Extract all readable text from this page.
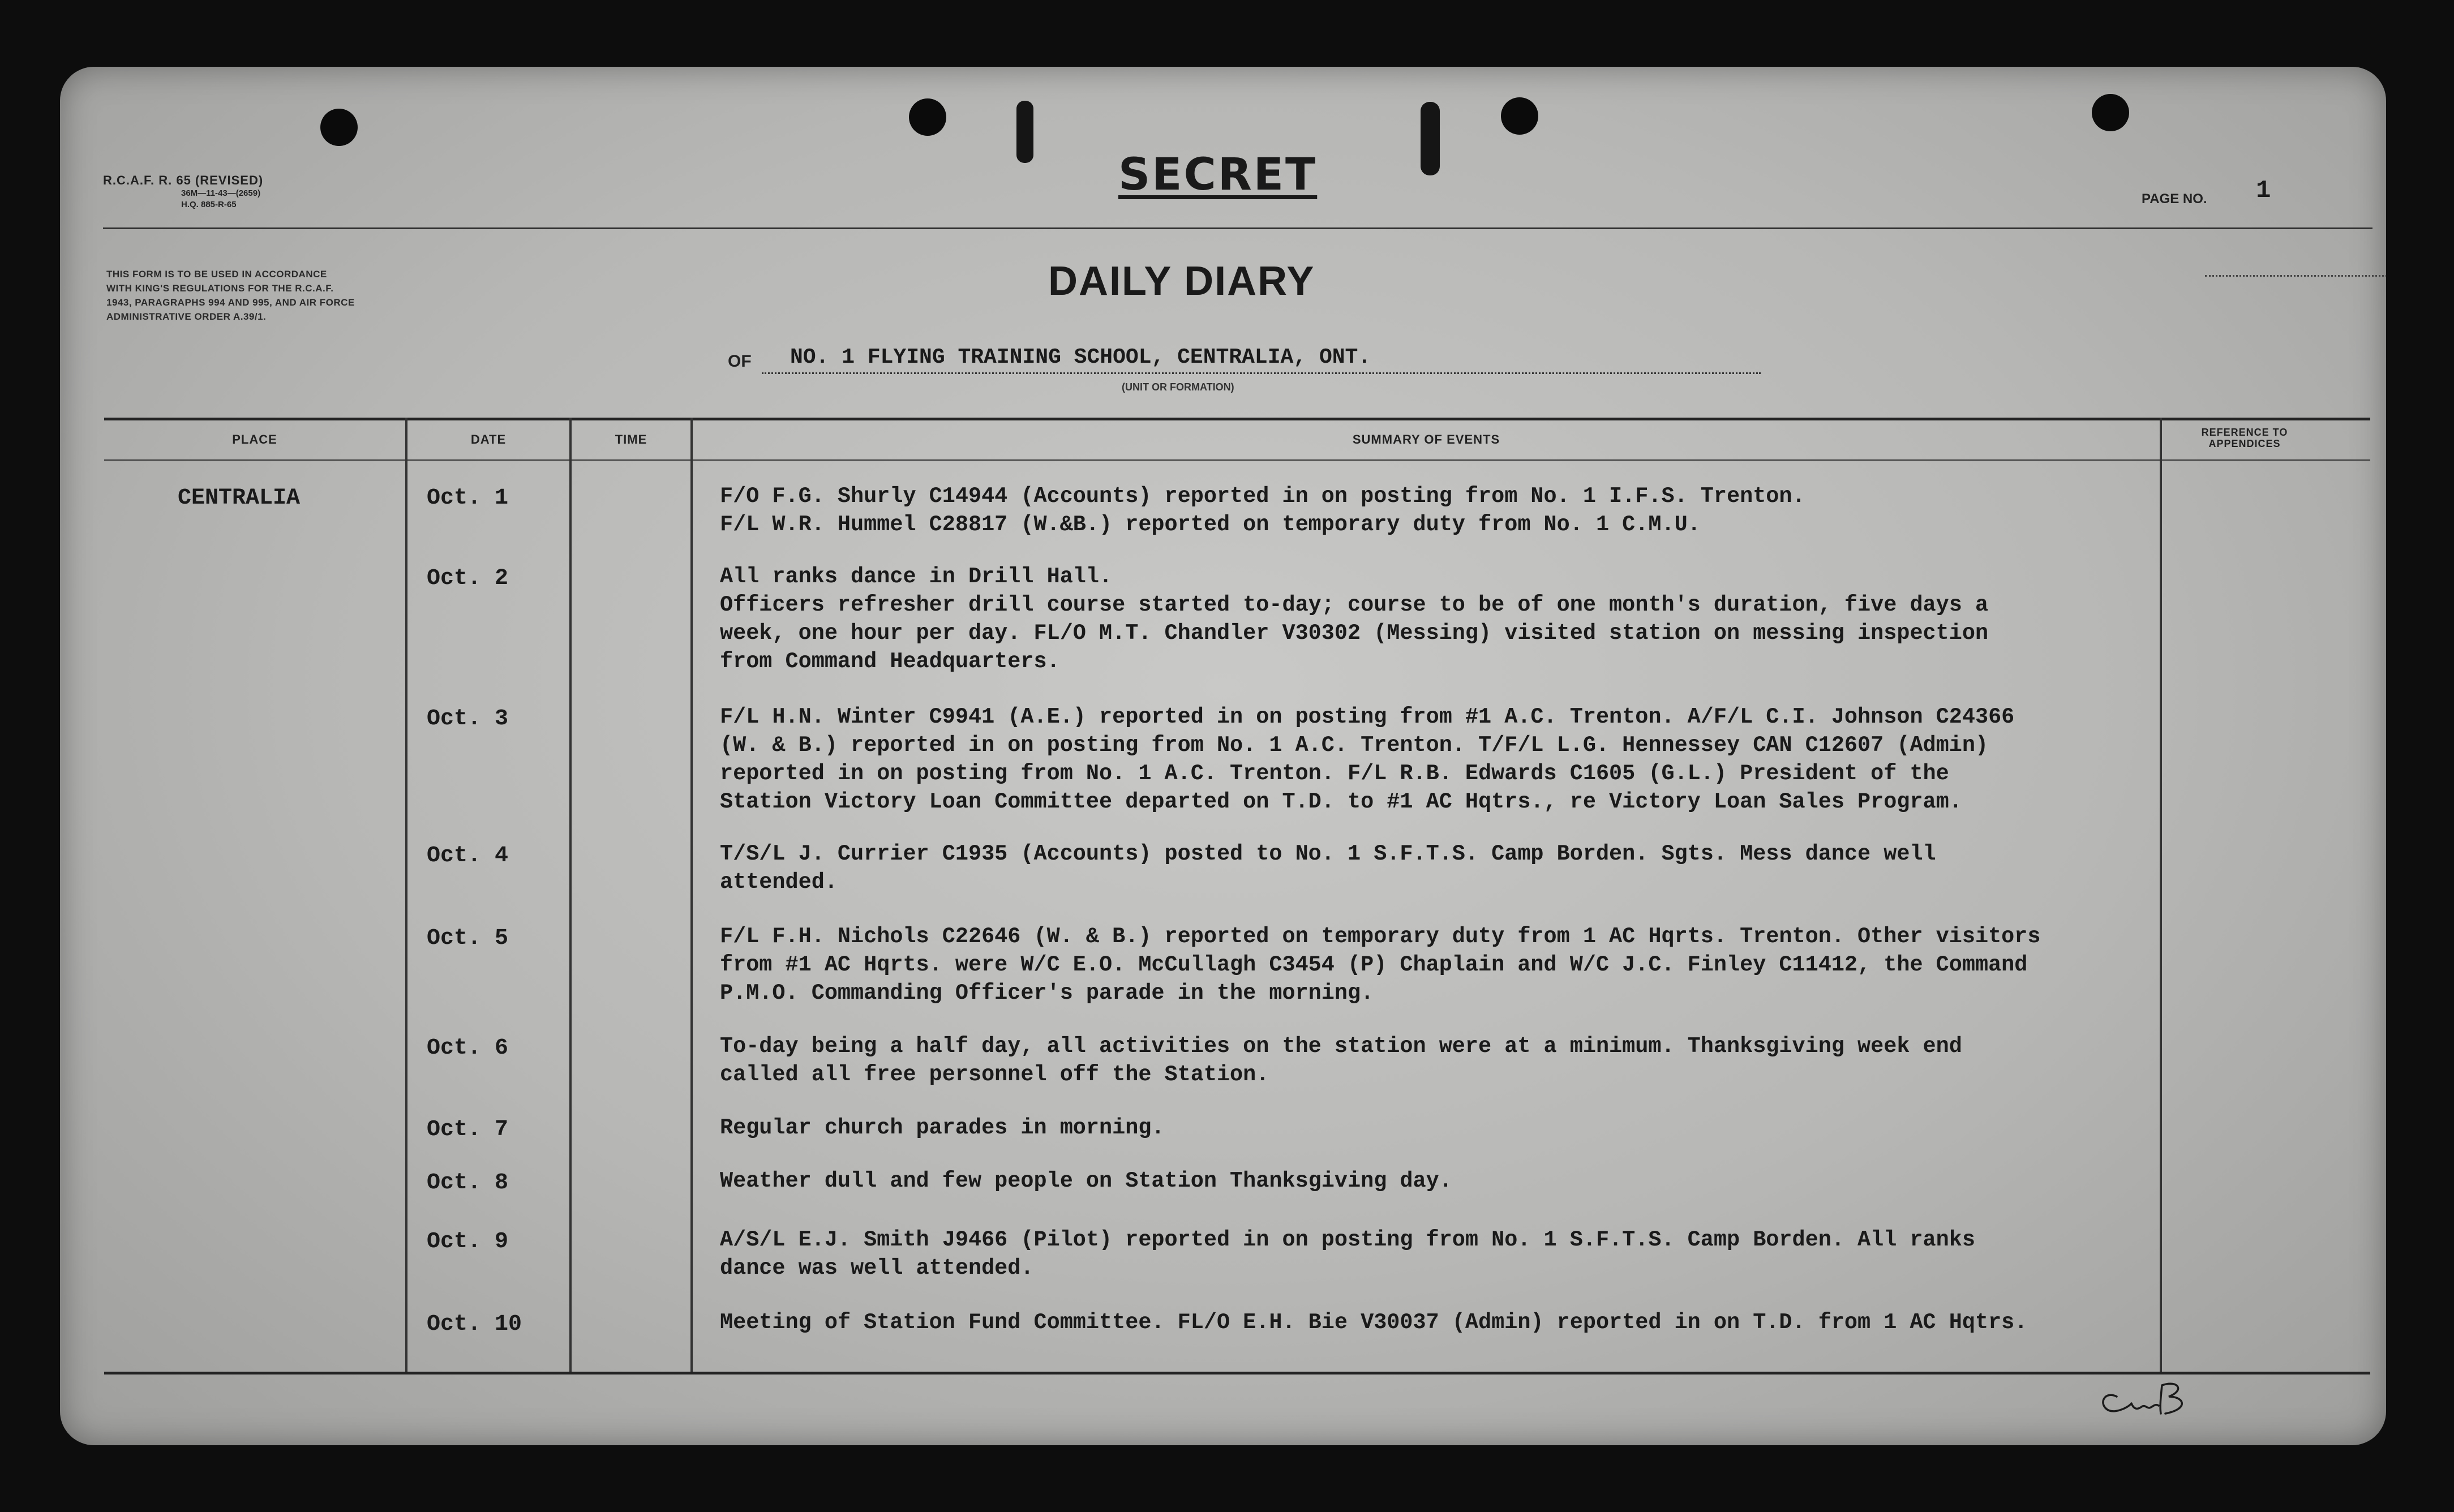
R.C.A.F. R. 65 (REVISED)
36M—11-43—(2659)
H.Q. 885-R-65
SECRET	PAGE NO. 1
THIS FORM IS TO BE USED IN ACCORDANCE
WITH KING'S REGULATIONS FOR THE R.C.A.F.
1943, PARAGRAPHS 994 AND 995, AND AIR FORCE
ADMINISTRATIVE ORDER A.39/1.
DAILY DIARY
OF NO. 1 FLYING TRAINING SCHOOL, CENTRALIA, ONT.
(UNIT OR FORMATION)
PLACE	DATE	TIME	SUMMARY OF EVENTS	REFERENCE TO
APPENDICES
CENTRALIA	Oct. 1	F/O F.G. Shurly C14944 (Accounts) reported in on posting from No. 1 I.F.S. Trenton.
F/L W.R. Hummel C28817 (W.&B.) reported on temporary duty from No. 1 C.M.U.
Oct. 2	All ranks dance in Drill Hall.
Officers refresher drill course started to-day; course to be of one month's duration, five days a
week, one hour per day. FL/O M.T. Chandler V30302 (Messing) visited station on messing inspection
from Command Headquarters.
Oct. 3	F/L H.N. Winter C9941 (A.E.) reported in on posting from #1 A.C. Trenton. A/F/L C.I. Johnson C24366
(W. & B.) reported in on posting from No. 1 A.C. Trenton. T/F/L L.G. Hennessey CAN C12607 (Admin)
reported in on posting from No. 1 A.C. Trenton. F/L R.B. Edwards C1605 (G.L.) President of the
Station Victory Loan Committee departed on T.D. to #1 AC Hqtrs., re Victory Loan Sales Program.
Oct. 4	T/S/L J. Currier C1935 (Accounts) posted to No. 1 S.F.T.S. Camp Borden. Sgts. Mess dance well
attended.
Oct. 5	F/L F.H. Nichols C22646 (W. & B.) reported on temporary duty from 1 AC Hqrts. Trenton. Other visitors
from #1 AC Hqrts. were W/C E.O. McCullagh C3454 (P) Chaplain and W/C J.C. Finley C11412, the Command
P.M.O. Commanding Officer's parade in the morning.
Oct. 6	To-day being a half day, all activities on the station were at a minimum. Thanksgiving week end
called all free personnel off the Station.
Oct. 7	Regular church parades in morning.
Oct. 8	Weather dull and few people on Station Thanksgiving day.
Oct. 9	A/S/L E.J. Smith J9466 (Pilot) reported in on posting from No. 1 S.F.T.S. Camp Borden. All ranks
dance was well attended.
Oct. 10	Meeting of Station Fund Committee. FL/O E.H. Bie V30037 (Admin) reported in on T.D. from 1 AC Hqtrs.
